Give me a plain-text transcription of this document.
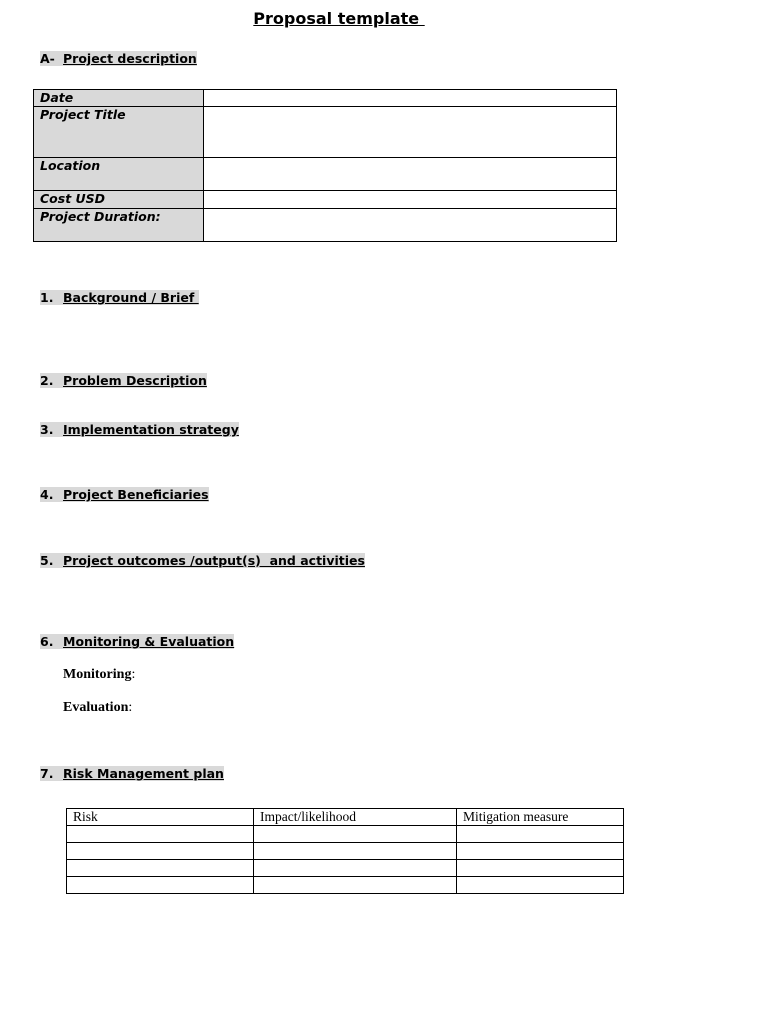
Proposal template
A- Project description
Date	
Project Title	
Location	
Cost USD	
Project Duration:	
1. Background / Brief
2. Problem Description
3. Implementation strategy
4. Project Beneficiaries
5. Project outcomes /output(s)  and activities
6. Monitoring & Evaluation
Monitoring:
Evaluation:
7. Risk Management plan
Risk	Impact/likelihood	Mitigation measure
